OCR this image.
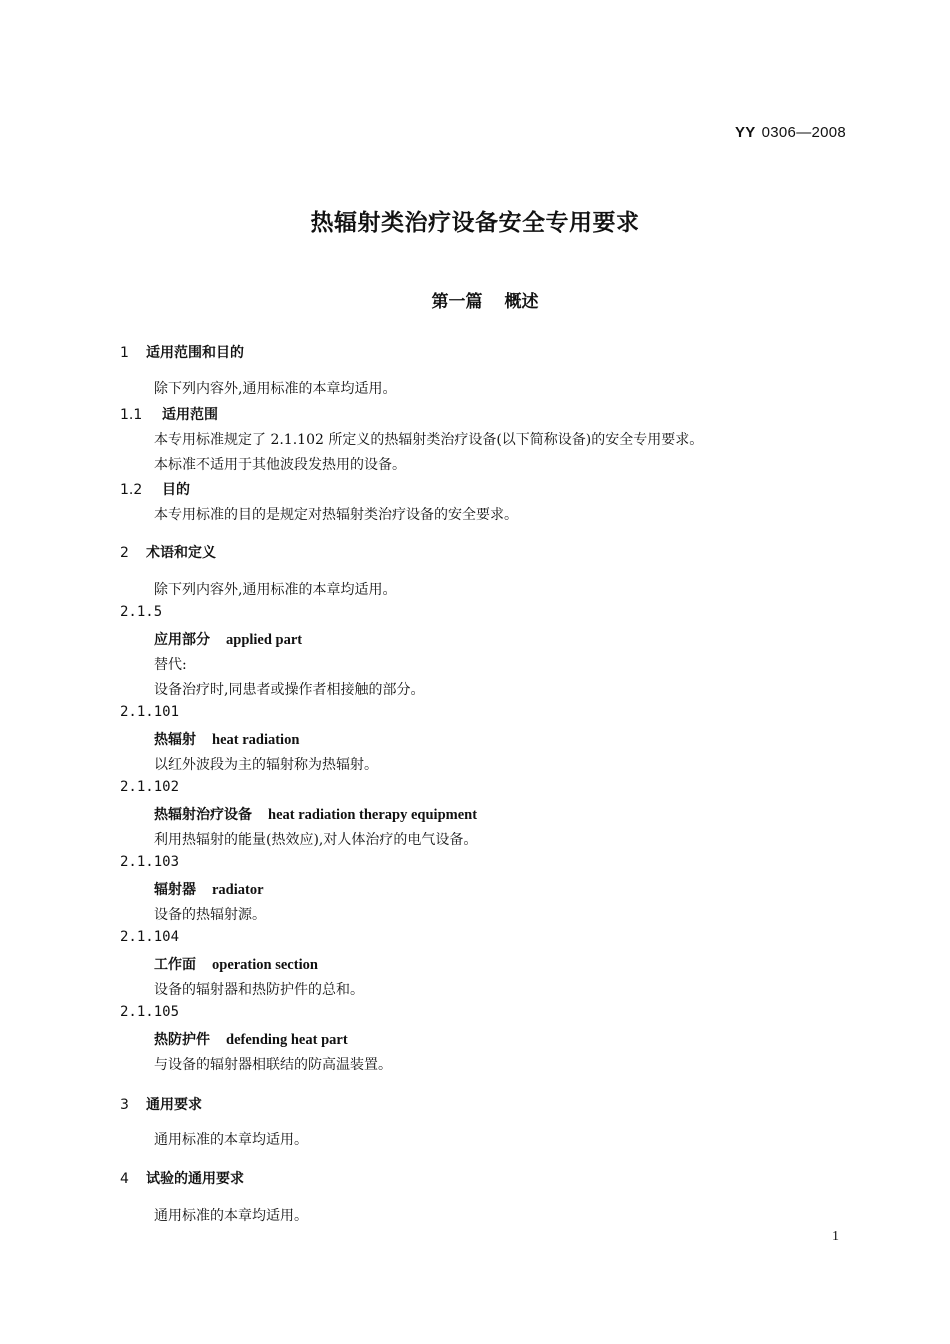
YY 0306—2008
热辐射类治疗设备安全专用要求
第一篇 概述
1 适用范围和目的
除下列内容外,通用标准的本章均适用。
1.1 适用范围
本专用标准规定了 2.1.102 所定义的热辐射类治疗设备(以下简称设备)的安全专用要求。
本标准不适用于其他波段发热用的设备。
1.2 目的
本专用标准的目的是规定对热辐射类治疗设备的安全要求。
2 术语和定义
除下列内容外,通用标准的本章均适用。
2.1.5
应用部分 applied part
替代:
设备治疗时,同患者或操作者相接触的部分。
2.1.101
热辐射 heat radiation
以红外波段为主的辐射称为热辐射。
2.1.102
热辐射治疗设备 heat radiation therapy equipment
利用热辐射的能量(热效应),对人体治疗的电气设备。
2.1.103
辐射器 radiator
设备的热辐射源。
2.1.104
工作面 operation section
设备的辐射器和热防护件的总和。
2.1.105
热防护件 defending heat part
与设备的辐射器相联结的防高温装置。
3 通用要求
通用标准的本章均适用。
4 试验的通用要求
通用标准的本章均适用。
1
